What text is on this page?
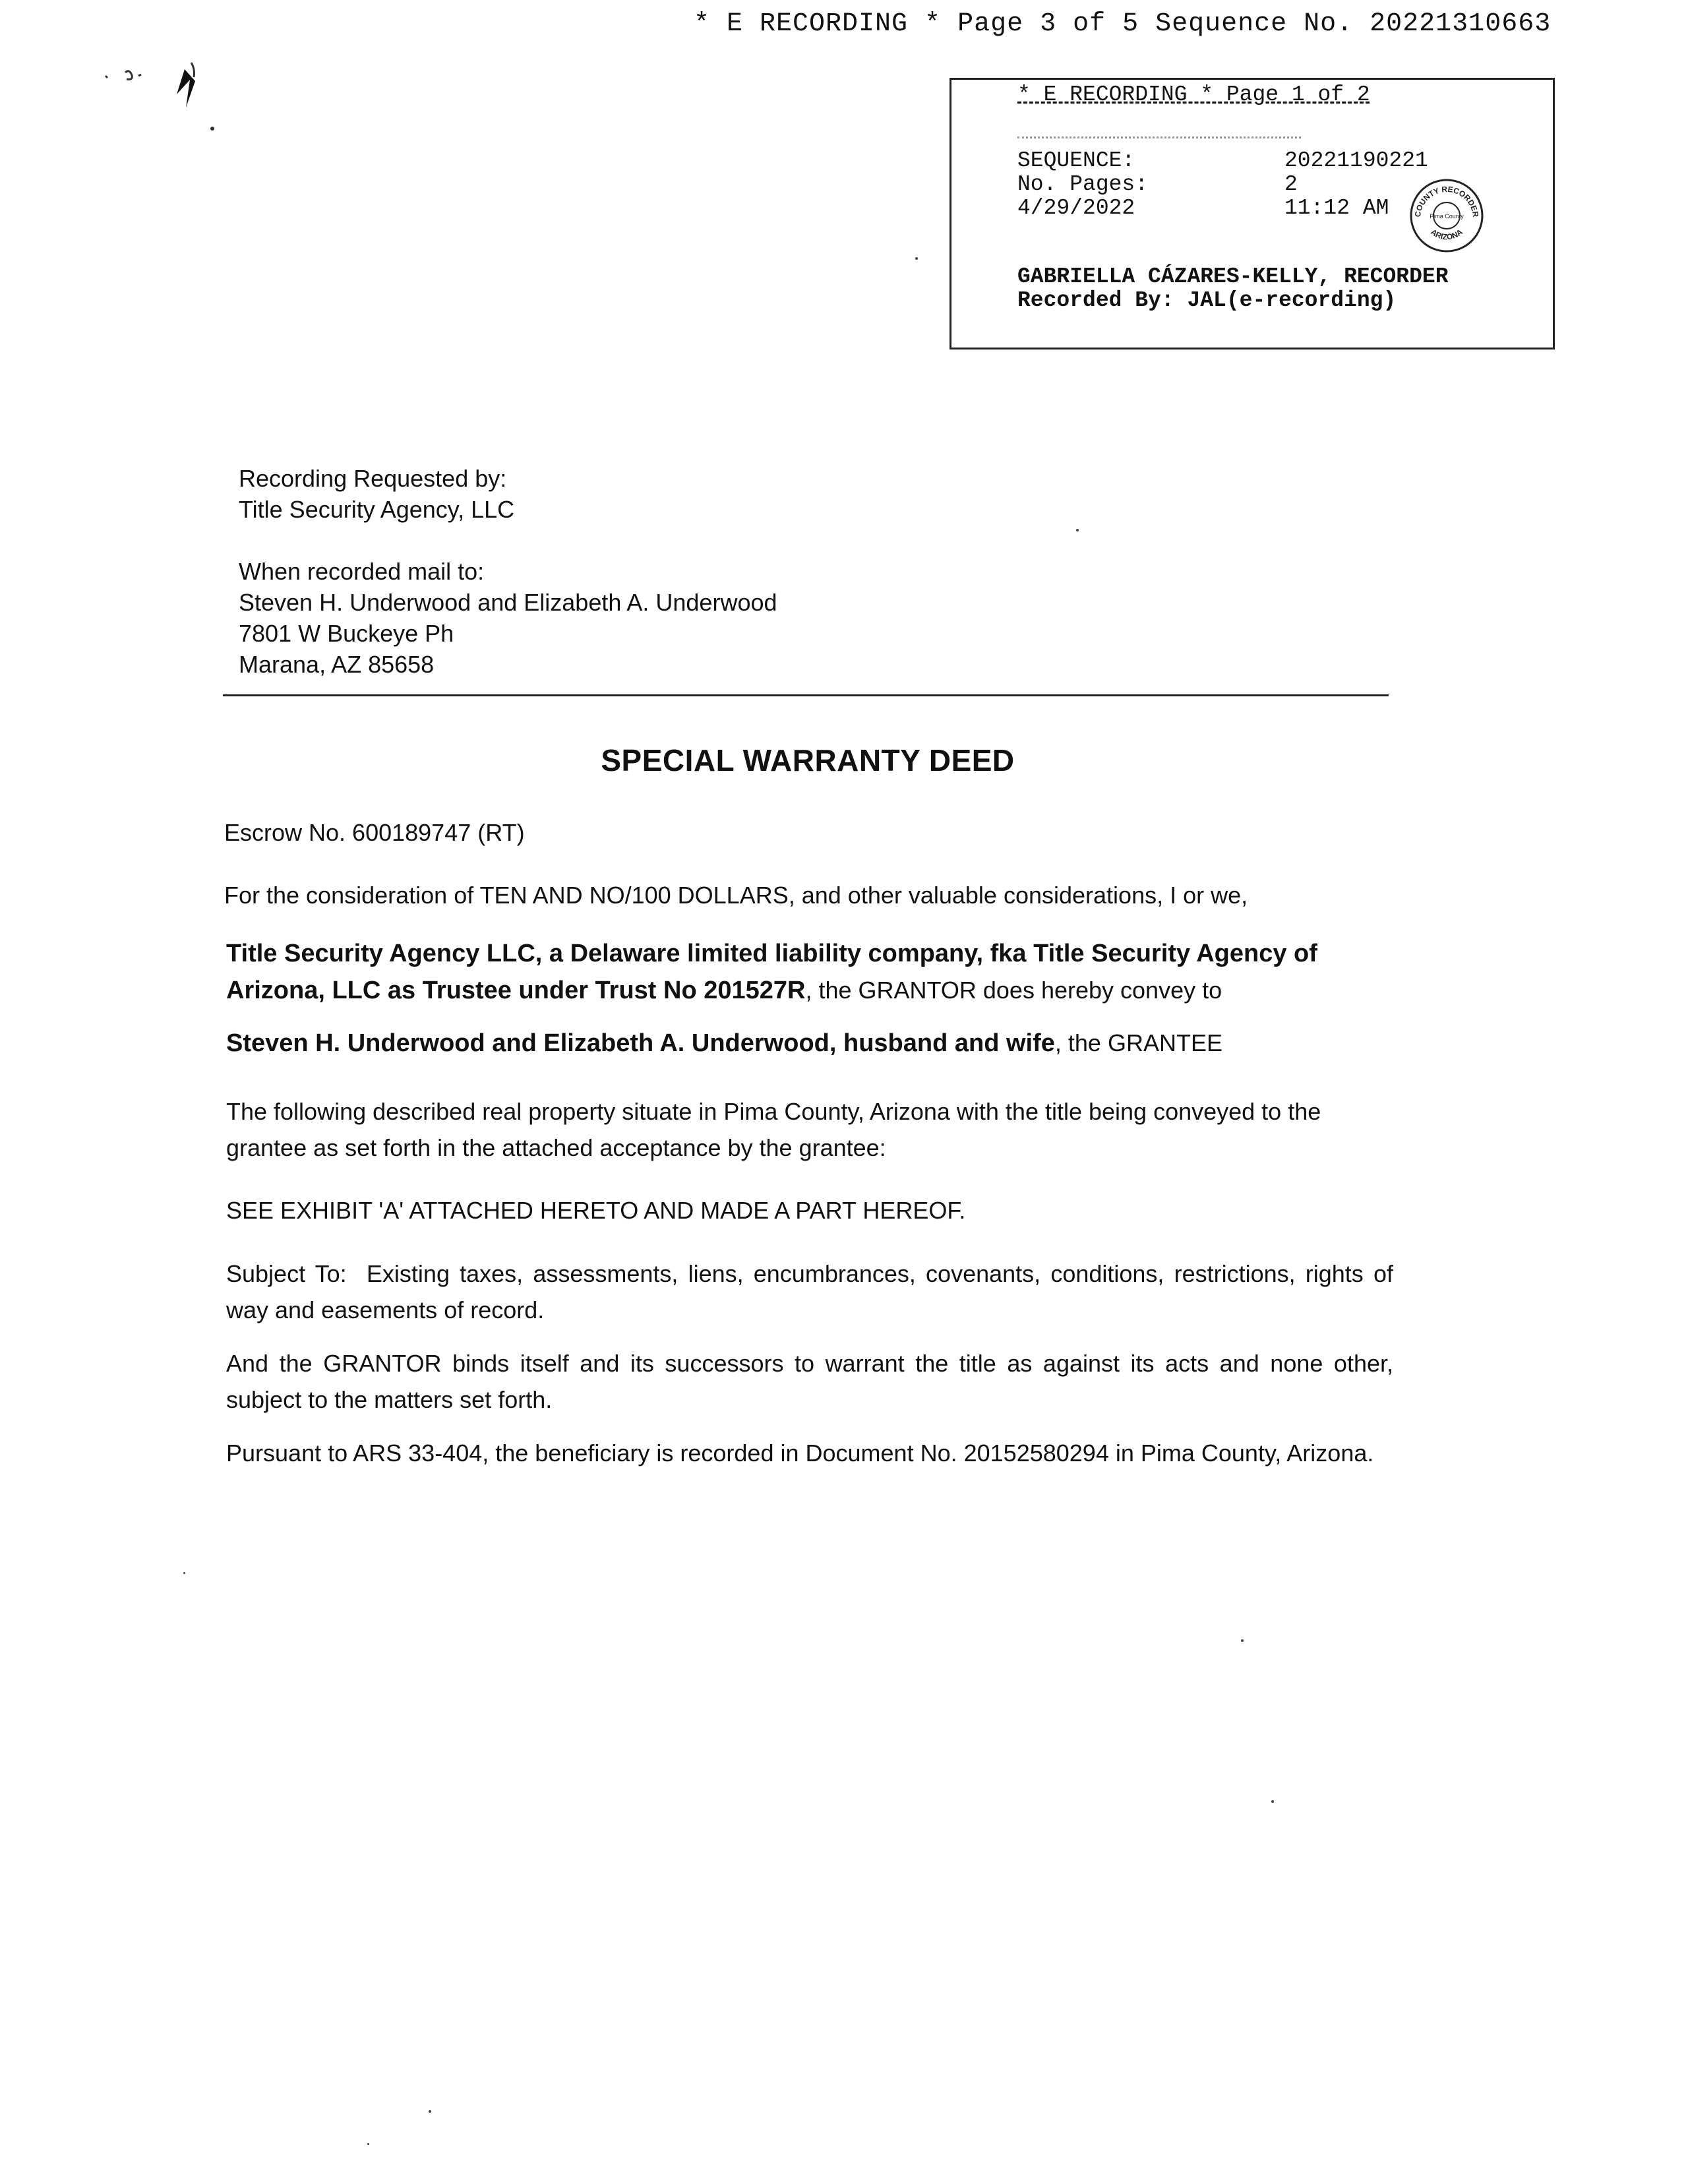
* E RECORDING * Page 3 of 5 Sequence No. 20221310663
* E RECORDING * Page 1 of 2
SEQUENCE:	20221190221
No. Pages:	2
4/29/2022	11:12 AM	COUNTY RECORDER
Pima County
ARIZONA
GABRIELLA CÁZARES-KELLY, RECORDER
Recorded By: JAL(e-recording)
Recording Requested by:
Title Security Agency, LLC
When recorded mail to:
Steven H. Underwood and Elizabeth A. Underwood
7801 W Buckeye Ph
Marana, AZ 85658
SPECIAL WARRANTY DEED
Escrow No. 600189747 (RT)
For the consideration of TEN AND NO/100 DOLLARS, and other valuable considerations, I or we,
Title Security Agency LLC, a Delaware limited liability company, fka Title Security Agency of Arizona, LLC as Trustee under Trust No 201527R, the GRANTOR does hereby convey to
Steven H. Underwood and Elizabeth A. Underwood, husband and wife, the GRANTEE
The following described real property situate in Pima County, Arizona with the title being conveyed to the grantee as set forth in the attached acceptance by the grantee:
SEE EXHIBIT 'A' ATTACHED HERETO AND MADE A PART HEREOF.
Subject To: Existing taxes, assessments, liens, encumbrances, covenants, conditions, restrictions, rights of way and easements of record.
And the GRANTOR binds itself and its successors to warrant the title as against its acts and none other, subject to the matters set forth.
Pursuant to ARS 33-404, the beneficiary is recorded in Document No. 20152580294 in Pima County, Arizona.
